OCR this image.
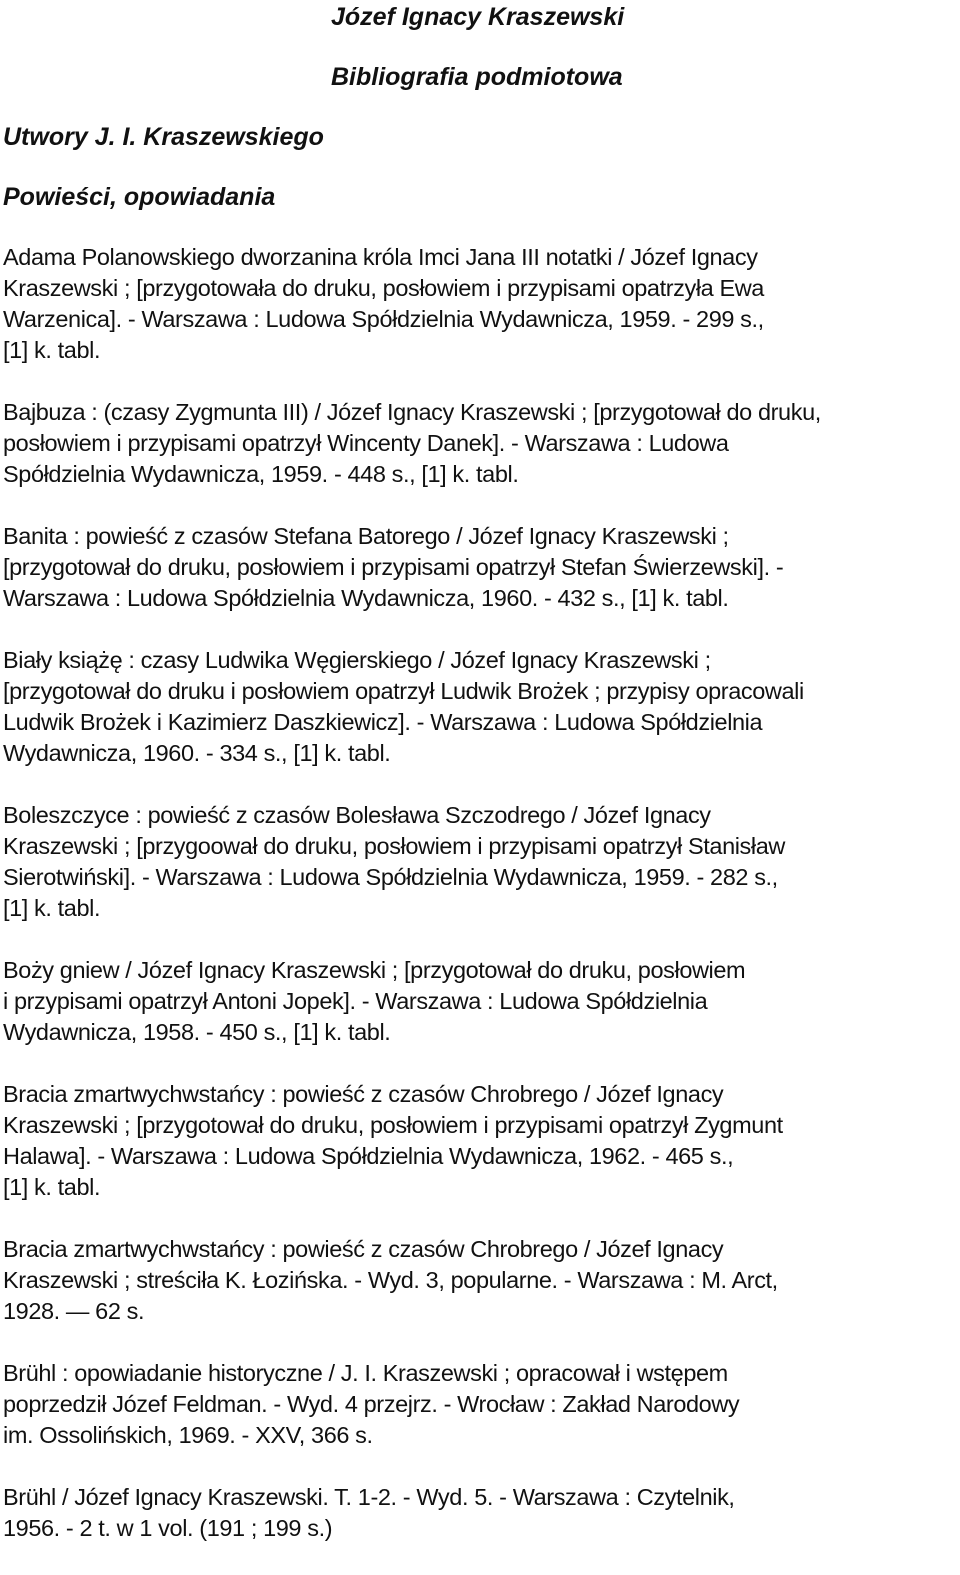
Józef Ignacy Kraszewski
Bibliografia podmiotowa
Utwory J. I. Kraszewskiego
Powieści, opowiadania
Adama Polanowskiego dworzanina króla Imci Jana III notatki / Józef Ignacy
Kraszewski ; [przygotowała do druku, posłowiem i przypisami opatrzyła Ewa
Warzenica]. - Warszawa : Ludowa Spółdzielnia Wydawnicza, 1959. - 299 s.,
[1] k. tabl.
Bajbuza : (czasy Zygmunta III) / Józef Ignacy Kraszewski ; [przygotował do druku,
posłowiem i przypisami opatrzył Wincenty Danek]. - Warszawa : Ludowa
Spółdzielnia Wydawnicza, 1959. - 448 s., [1] k. tabl.
Banita : powieść z czasów Stefana Batorego / Józef Ignacy Kraszewski ;
[przygotował do druku, posłowiem i przypisami opatrzył Stefan Świerzewski]. -
Warszawa : Ludowa Spółdzielnia Wydawnicza, 1960. - 432 s., [1] k. tabl.
Biały książę : czasy Ludwika Węgierskiego / Józef Ignacy Kraszewski ;
[przygotował do druku i posłowiem opatrzył Ludwik Brożek ; przypisy opracowali
Ludwik Brożek i Kazimierz Daszkiewicz]. - Warszawa : Ludowa Spółdzielnia
Wydawnicza, 1960. - 334 s., [1] k. tabl.
Boleszczyce : powieść z czasów Bolesława Szczodrego / Józef Ignacy
Kraszewski ; [przygoował do druku, posłowiem i przypisami opatrzył Stanisław
Sierotwiński]. - Warszawa : Ludowa Spółdzielnia Wydawnicza, 1959. - 282 s.,
[1] k. tabl.
Boży gniew / Józef Ignacy Kraszewski ; [przygotował do druku, posłowiem
i przypisami opatrzył Antoni Jopek]. - Warszawa : Ludowa Spółdzielnia
Wydawnicza, 1958. - 450 s., [1] k. tabl.
Bracia zmartwychwstańcy : powieść z czasów Chrobrego / Józef Ignacy
Kraszewski ; [przygotował do druku, posłowiem i przypisami opatrzył Zygmunt
Halawa]. - Warszawa : Ludowa Spółdzielnia Wydawnicza, 1962. - 465 s.,
[1] k. tabl.
Bracia zmartwychwstańcy : powieść z czasów Chrobrego / Józef Ignacy
Kraszewski ; streściła K. Łozińska. - Wyd. 3, popularne. - Warszawa : M. Arct,
1928. ― 62 s.
Brühl : opowiadanie historyczne / J. I. Kraszewski ; opracował i wstępem
poprzedził Józef Feldman. - Wyd. 4 przejrz. - Wrocław : Zakład Narodowy
im. Ossolińskich, 1969. - XXV, 366 s.
Brühl / Józef Ignacy Kraszewski. T. 1-2. - Wyd. 5. - Warszawa : Czytelnik,
1956. - 2 t. w 1 vol. (191 ; 199 s.)
